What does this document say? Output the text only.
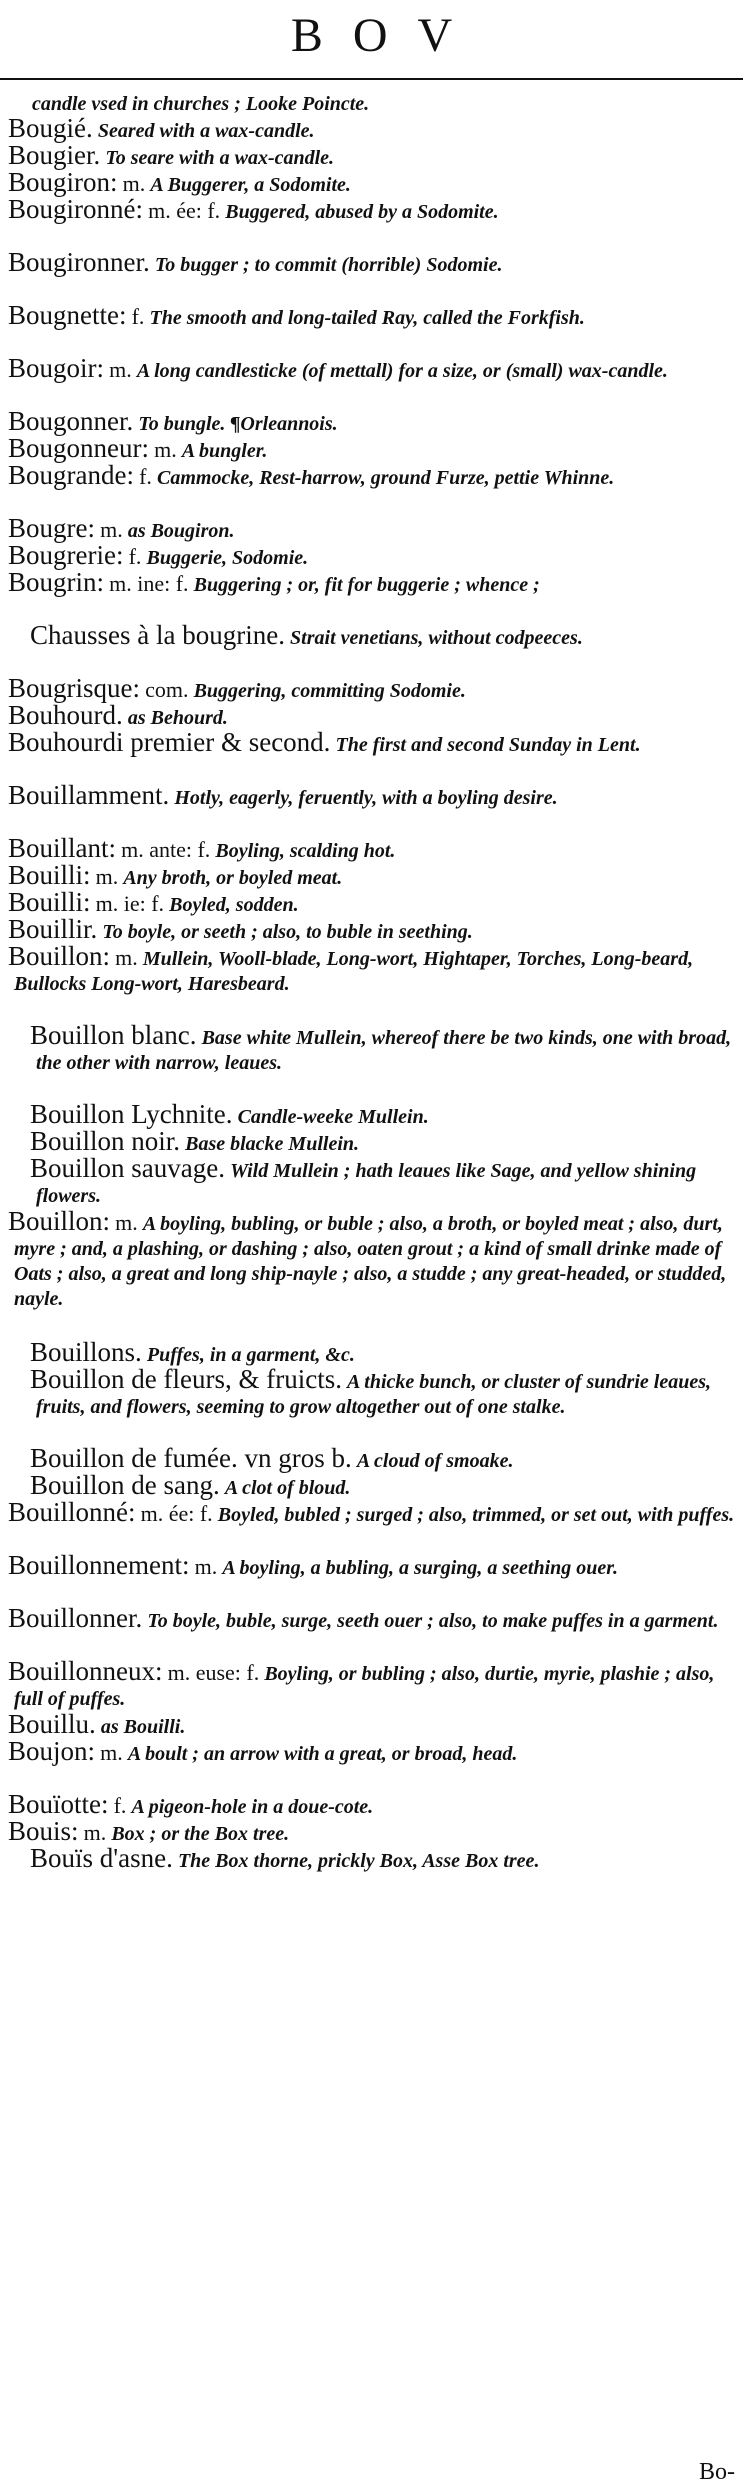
BOV
candle vsed in churches ; Looke Poincte.
Bougié. Seared with a wax-candle.
Bougier. To seare with a wax-candle.
Bougiron: m. A Buggerer, a Sodomite.
Bougironné: m. ée: f. Buggered, abused by a Sodomite.
Bougironner. To bugger ; to commit (horrible) Sodomie.
Bougnette: f. The smooth and long-tailed Ray, called the Forkfish.
Bougoir: m. A long candlesticke (of mettall) for a size, or (small) wax-candle.
Bougonner. To bungle. ¶Orleannois.
Bougonneur: m. A bungler.
Bougrande: f. Cammocke, Rest-harrow, ground Furze, pettie Whinne.
Bougre: m. as Bougiron.
Bougrerie: f. Buggerie, Sodomie.
Bougrin: m. ine: f. Buggering ; or, fit for buggerie ; whence ;
Chausses à la bougrine. Strait venetians, without codpeeces.
Bougrisque: com. Buggering, committing Sodomie.
Bouhourd. as Behourd.
Bouhourdi premier & second. The first and second Sunday in Lent.
Bouillamment. Hotly, eagerly, feruently, with a boyling desire.
Bouillant: m. ante: f. Boyling, scalding hot.
Bouilli: m. Any broth, or boyled meat.
Bouilli: m. ie: f. Boyled, sodden.
Bouillir. To boyle, or seeth ; also, to buble in seething.
Bouillon: m. Mullein, Wooll-blade, Long-wort, Hightaper, Torches, Long-beard, Bullocks Long-wort, Haresbeard.
Bouillon blanc. Base white Mullein, whereof there be two kinds, one with broad, the other with narrow, leaues.
Bouillon Lychnite. Candle-weeke Mullein.
Bouillon noir. Base blacke Mullein.
Bouillon sauvage. Wild Mullein ; hath leaues like Sage, and yellow shining flowers.
Bouillon: m. A boyling, bubling, or buble ; also, a broth, or boyled meat ; also, durt, myre ; and, a plashing, or dashing ; also, oaten grout ; a kind of small drinke made of Oats ; also, a great and long ship-nayle ; also, a studde ; any great-headed, or studded, nayle.
Bouillons. Puffes, in a garment, &c.
Bouillon de fleurs, & fruicts. A thicke bunch, or cluster of sundrie leaues, fruits, and flowers, seeming to grow altogether out of one stalke.
Bouillon de fumée. vn gros b. A cloud of smoake.
Bouillon de sang. A clot of bloud.
Bouillonné: m. ée: f. Boyled, bubled ; surged ; also, trimmed, or set out, with puffes.
Bouillonnement: m. A boyling, a bubling, a surging, a seething ouer.
Bouillonner. To boyle, buble, surge, seeth ouer ; also, to make puffes in a garment.
Bouillonneux: m. euse: f. Boyling, or bubling ; also, durtie, myrie, plashie ; also, full of puffes.
Bouillu. as Bouilli.
Boujon: m. A boult ; an arrow with a great, or broad, head.
Bouïotte: f. A pigeon-hole in a doue-cote.
Bouis: m. Box ; or the Box tree.
Bouïs d'asne. The Box thorne, prickly Box, Asse Box tree.
Bo-
